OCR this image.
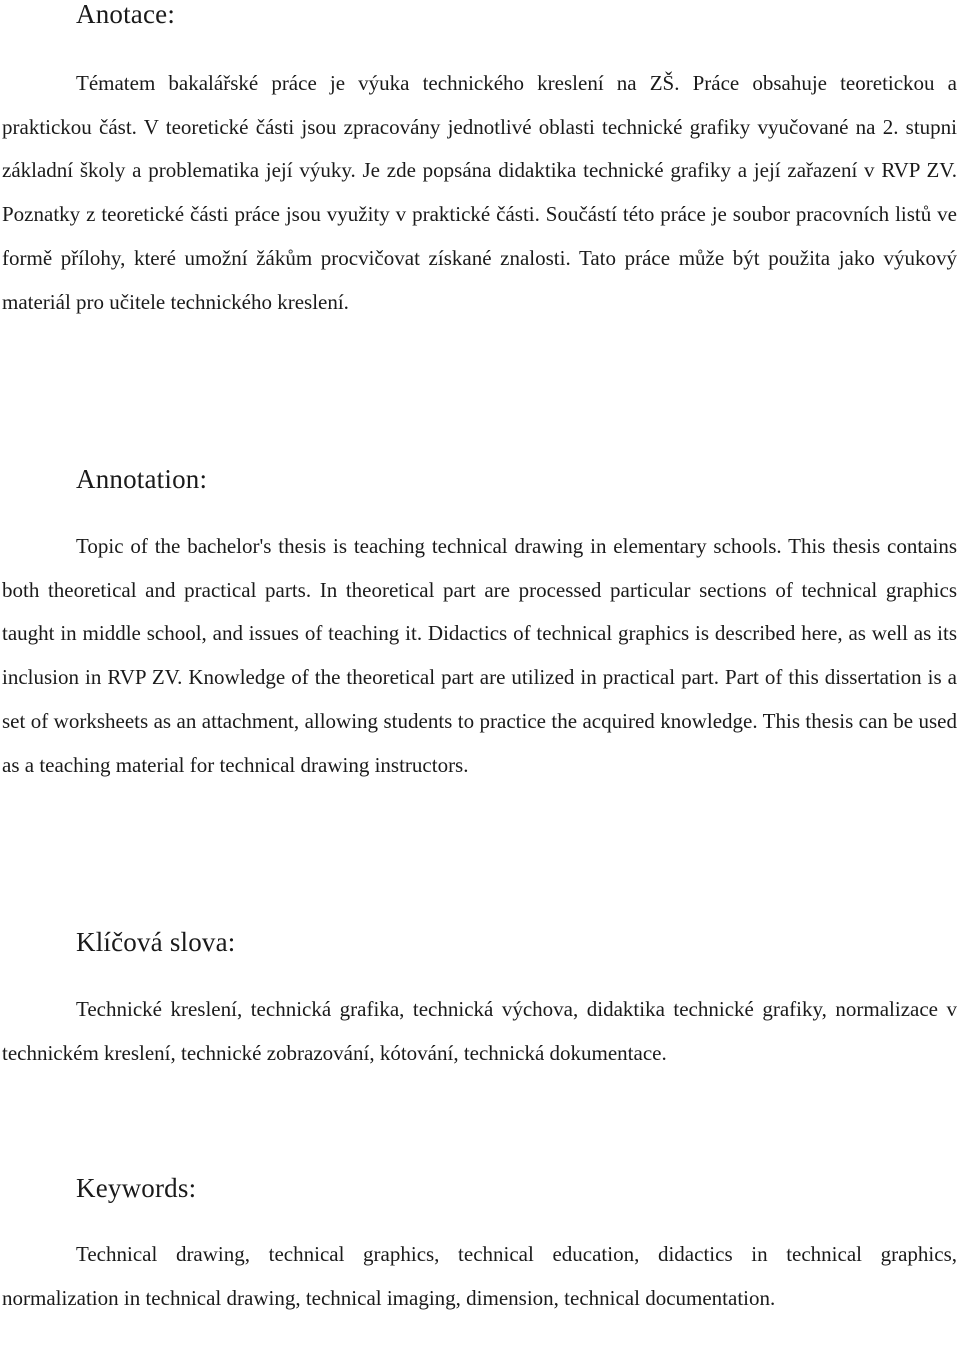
Anotace:

Tématem bakalářské práce je výuka technického kreslení na ZŠ. Práce obsahuje teoretickou a praktickou část. V teoretické části jsou zpracovány jednotlivé oblasti technické grafiky vyučované na 2. stupni základní školy a problematika její výuky. Je zde popsána didaktika technické grafiky a její zařazení v RVP ZV. Poznatky z teoretické části práce jsou využity v praktické části. Součástí této práce je soubor pracovních listů ve formě přílohy, které umožní žákům procvičovat získané znalosti. Tato práce může být použita jako výukový materiál pro učitele technického kreslení.

Annotation:

Topic of the bachelor's thesis is teaching technical drawing in elementary schools. This thesis contains both theoretical and practical parts. In theoretical part are processed particular sections of technical graphics taught in middle school, and issues of teaching it. Didactics of technical graphics is described here, as well as its inclusion in RVP ZV. Knowledge of the theoretical part are utilized in practical part. Part of this dissertation is a set of worksheets as an attachment, allowing students to practice the acquired knowledge. This thesis can be used as a teaching material for technical drawing instructors.

Klíčová slova:

Technické kreslení, technická grafika, technická výchova, didaktika technické grafiky, normalizace v technickém kreslení, technické zobrazování, kótování, technická dokumentace.

Keywords:

Technical drawing, technical graphics, technical education, didactics in technical graphics, normalization in technical drawing, technical imaging, dimension, technical documentation.
